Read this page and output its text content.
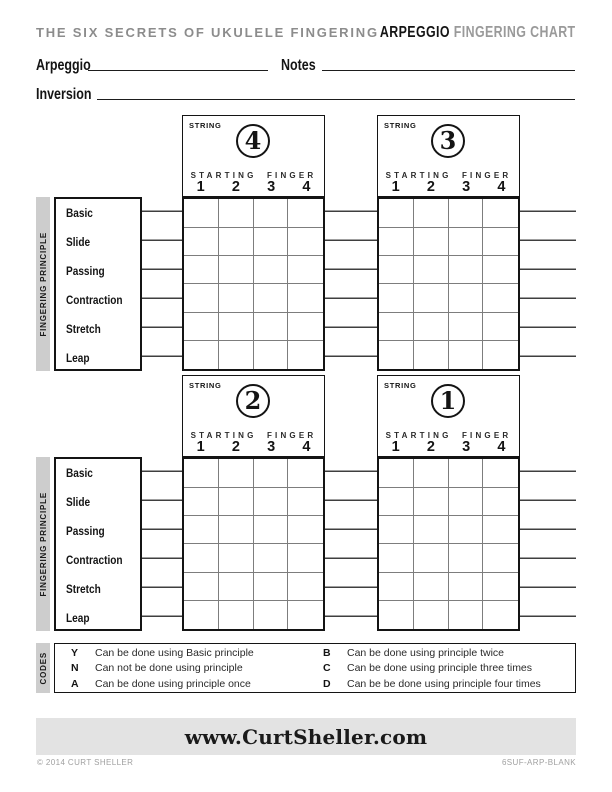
THE SIX SECRETS OF UKULELE FINGERING ARPEGGIO FINGERING CHART
Arpeggio	Notes
Inversion
FINGERING PRINCIPLE
Basic
Slide
Passing
Contraction
Stretch
Leap
STRING
4
STARTING FINGER
1	2	3	4
STRING
3
STARTING FINGER
1	2	3	4
FINGERING PRINCIPLE
Basic
Slide
Passing
Contraction
Stretch
Leap
STRING
2
STARTING FINGER
1	2	3	4
STRING
1
STARTING FINGER
1	2	3	4
CODES Y	Can be done using Basic principle
N	Can not be done using principle
A	Can be done using principle once
B	Can be done using principle twice
C	Can be done using principle three times
D	Can be be done using principle four times
www.CurtSheller.com
© 2014 CURT SHELLER	6SUF-ARP-BLANK
